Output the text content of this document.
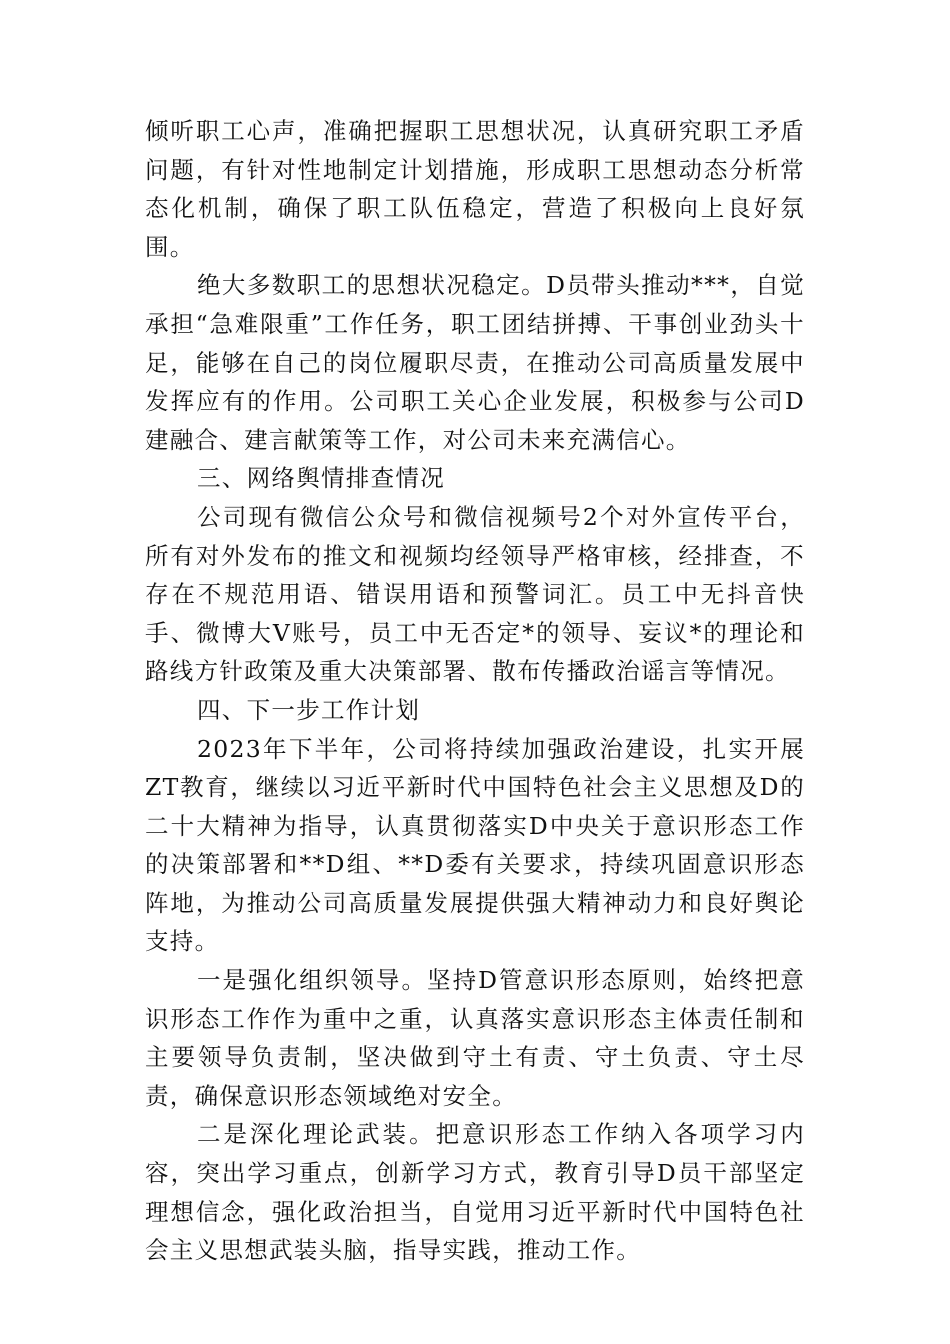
倾听职工心声，准确把握职工思想状况，认真研究职工矛盾问题，有针对性地制定计划措施，形成职工思想动态分析常态化机制，确保了职工队伍稳定，营造了积极向上良好氛围。

绝大多数职工的思想状况稳定。D员带头推动***，自觉承担“急难限重”工作任务，职工团结拼搏、干事创业劲头十足，能够在自己的岗位履职尽责，在推动公司高质量发展中发挥应有的作用。公司职工关心企业发展，积极参与公司D建融合、建言献策等工作，对公司未来充满信心。

三、网络舆情排查情况

公司现有微信公众号和微信视频号2个对外宣传平台，所有对外发布的推文和视频均经领导严格审核，经排查，不存在不规范用语、错误用语和预警词汇。员工中无抖音快手、微博大V账号，员工中无否定*的领导、妄议*的理论和路线方针政策及重大决策部署、散布传播政治谣言等情况。

四、下一步工作计划

2023年下半年，公司将持续加强政治建设，扎实开展ZT教育，继续以习近平新时代中国特色社会主义思想及D的二十大精神为指导，认真贯彻落实D中央关于意识形态工作的决策部署和**D组、**D委有关要求，持续巩固意识形态阵地，为推动公司高质量发展提供强大精神动力和良好舆论支持。

一是强化组织领导。坚持D管意识形态原则，始终把意识形态工作作为重中之重，认真落实意识形态主体责任制和主要领导负责制，坚决做到守土有责、守土负责、守土尽责，确保意识形态领域绝对安全。

二是深化理论武装。把意识形态工作纳入各项学习内容，突出学习重点，创新学习方式，教育引导D员干部坚定理想信念，强化政治担当，自觉用习近平新时代中国特色社会主义思想武装头脑，指导实践，推动工作。
